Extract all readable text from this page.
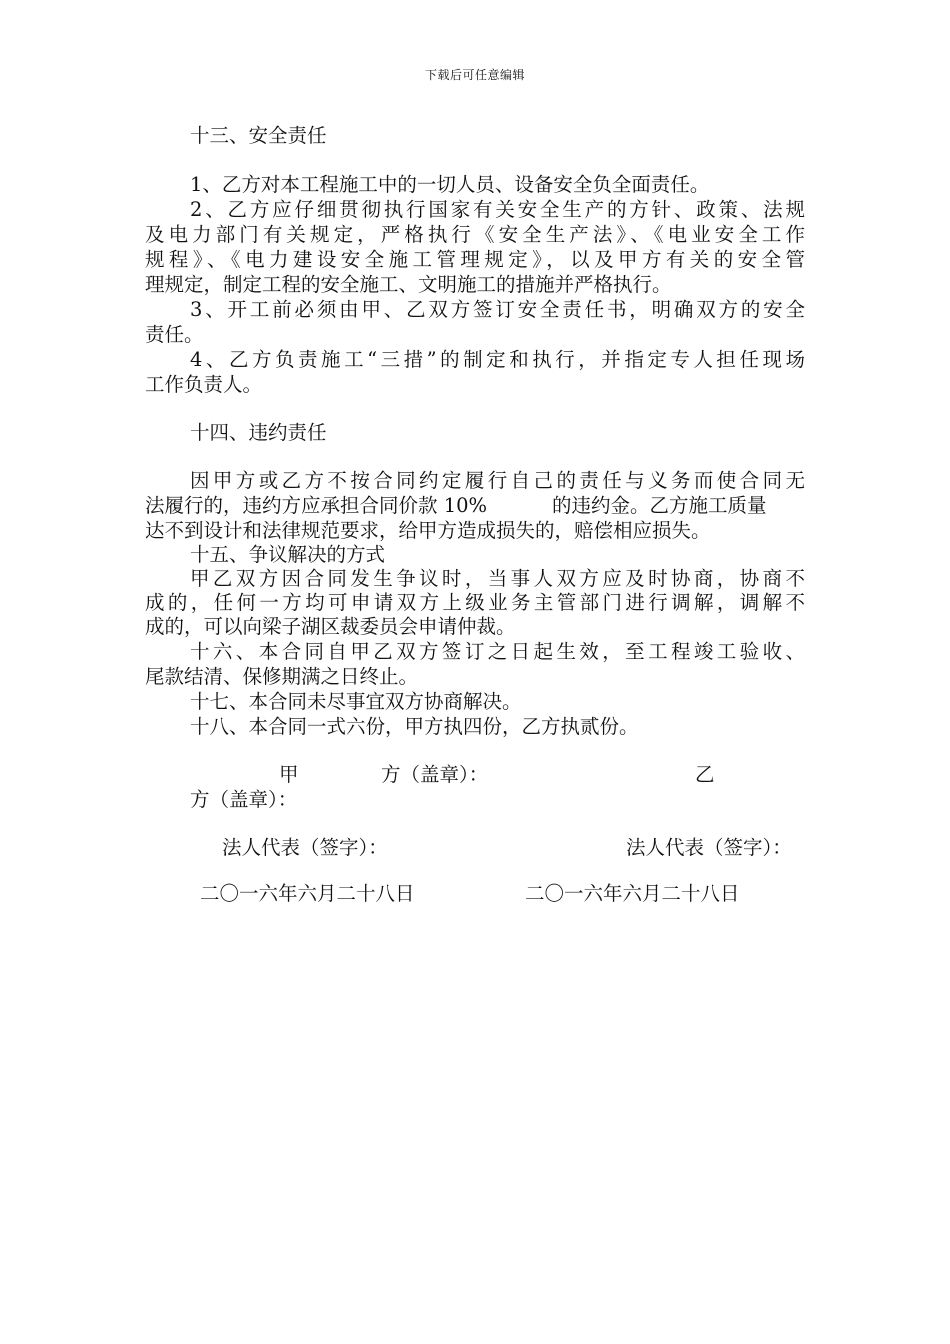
下载后可任意编辑
十三、安全责任
1、乙方对本工程施工中的一切人员、设备安全负全面责任。
2、乙方应仔细贯彻执行国家有关安全生产的方针、政策、法规
及电力部门有关规定，严格执行《安全生产法》、《电业安全工作
规程》、《电力建设安全施工管理规定》，以及甲方有关的安全管
理规定，制定工程的安全施工、文明施工的措施并严格执行。
3、开工前必须由甲、乙双方签订安全责任书，明确双方的安全
责任。
4、乙方负责施工“三措”的制定和执行，并指定专人担任现场
工作负责人。
十四、违约责任
因甲方或乙方不按合同约定履行自己的责任与义务而使合同无
法履行的，违约方应承担合同价款 10%	的违约金。乙方施工质量
达不到设计和法律规范要求，给甲方造成损失的，赔偿相应损失。
十五、争议解决的方式
甲乙双方因合同发生争议时，当事人双方应及时协商，协商不
成的，任何一方均可申请双方上级业务主管部门进行调解，调解不
成的，可以向梁子湖区裁委员会申请仲裁。
十六、本合同自甲乙双方签订之日起生效，至工程竣工验收、
尾款结清、保修期满之日终止。
十七、本合同未尽事宜双方协商解决。
十八、本合同一式六份，甲方执四份，乙方执贰份。
甲	方（盖章）：	乙
方（盖章）：
法人代表（签字）：	法人代表（签字）：
二〇一六年六月二十八日	二〇一六年六月二十八日
